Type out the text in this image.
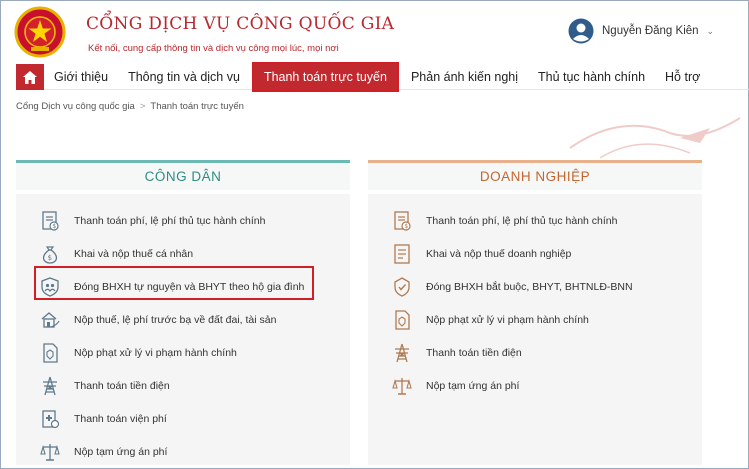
CỔNG DỊCH VỤ CÔNG QUỐC GIA
Kết nối, cung cấp thông tin và dịch vụ công mọi lúc, mọi nơi
Nguyễn Đăng Kiên ⌄
Giới thiệu	Thông tin và dịch vụ	Thanh toán trực tuyến	Phản ánh kiến nghị	Thủ tục hành chính	Hỗ trợ
Cổng Dịch vụ công quốc gia > Thanh toán trực tuyến
CÔNG DÂN
$ Thanh toán phí, lệ phí thủ tục hành chính
$ Khai và nộp thuế cá nhân
Đóng BHXH tự nguyện và BHYT theo hộ gia đình
Nộp thuế, lệ phí trước bạ về đất đai, tài sản
Nộp phạt xử lý vi phạm hành chính
Thanh toán tiền điện
Thanh toán viện phí
Nộp tạm ứng án phí
DOANH NGHIỆP
$ Thanh toán phí, lệ phí thủ tục hành chính
Khai và nộp thuế doanh nghiệp
Đóng BHXH bắt buộc, BHYT, BHTNLĐ-BNN
Nộp phạt xử lý vi phạm hành chính
Thanh toán tiền điện
Nộp tạm ứng án phí
